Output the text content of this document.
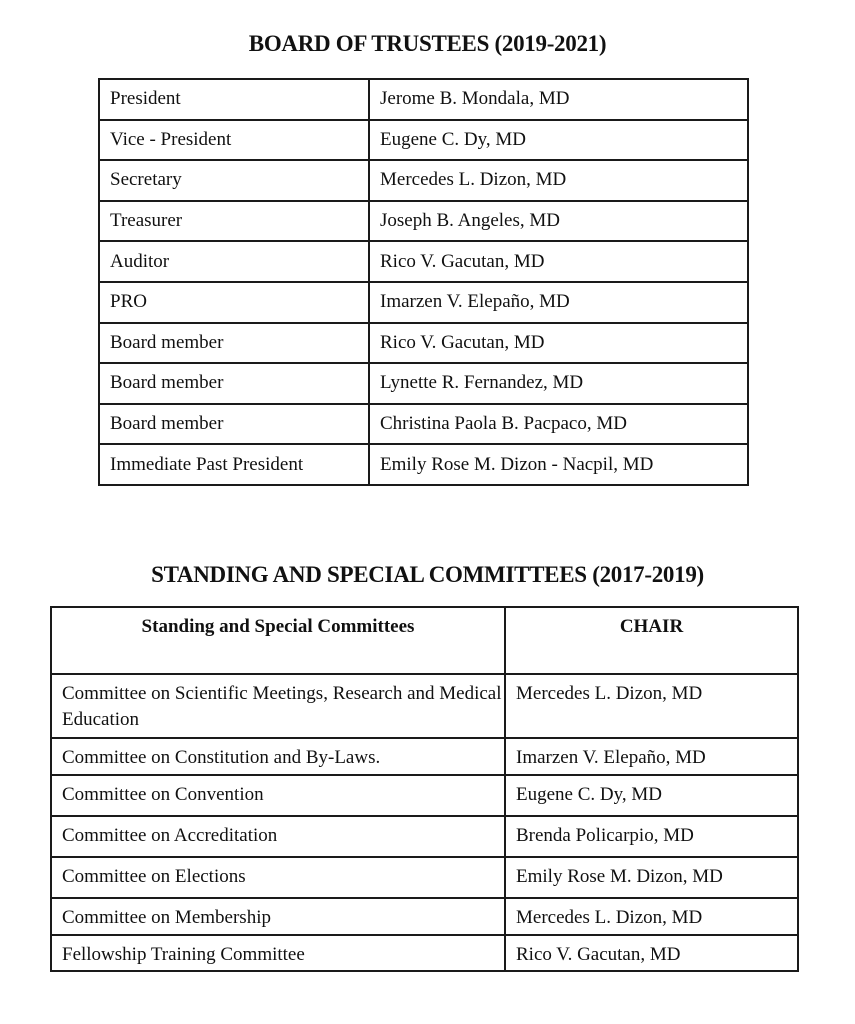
BOARD OF TRUSTEES (2019-2021)
President	Jerome B. Mondala, MD
Vice - President	Eugene C. Dy, MD
Secretary	Mercedes L. Dizon, MD
Treasurer	Joseph B. Angeles, MD
Auditor	Rico V. Gacutan, MD
PRO	Imarzen V. Elepaño, MD
Board member	Rico V. Gacutan, MD
Board member	Lynette R. Fernandez, MD
Board member	Christina Paola B. Pacpaco, MD
Immediate Past President	Emily Rose M. Dizon - Nacpil, MD
STANDING AND SPECIAL COMMITTEES (2017-2019)
Standing and Special Committees	CHAIR
Committee on Scientific Meetings, Research and Medical Education	Mercedes L. Dizon, MD
Committee on Constitution and By-Laws.	Imarzen V. Elepaño, MD
Committee on Convention	Eugene C. Dy, MD
Committee on Accreditation	Brenda Policarpio, MD
Committee on Elections	Emily Rose M. Dizon, MD
Committee on Membership	Mercedes L. Dizon, MD
Fellowship Training Committee	Rico V. Gacutan, MD
